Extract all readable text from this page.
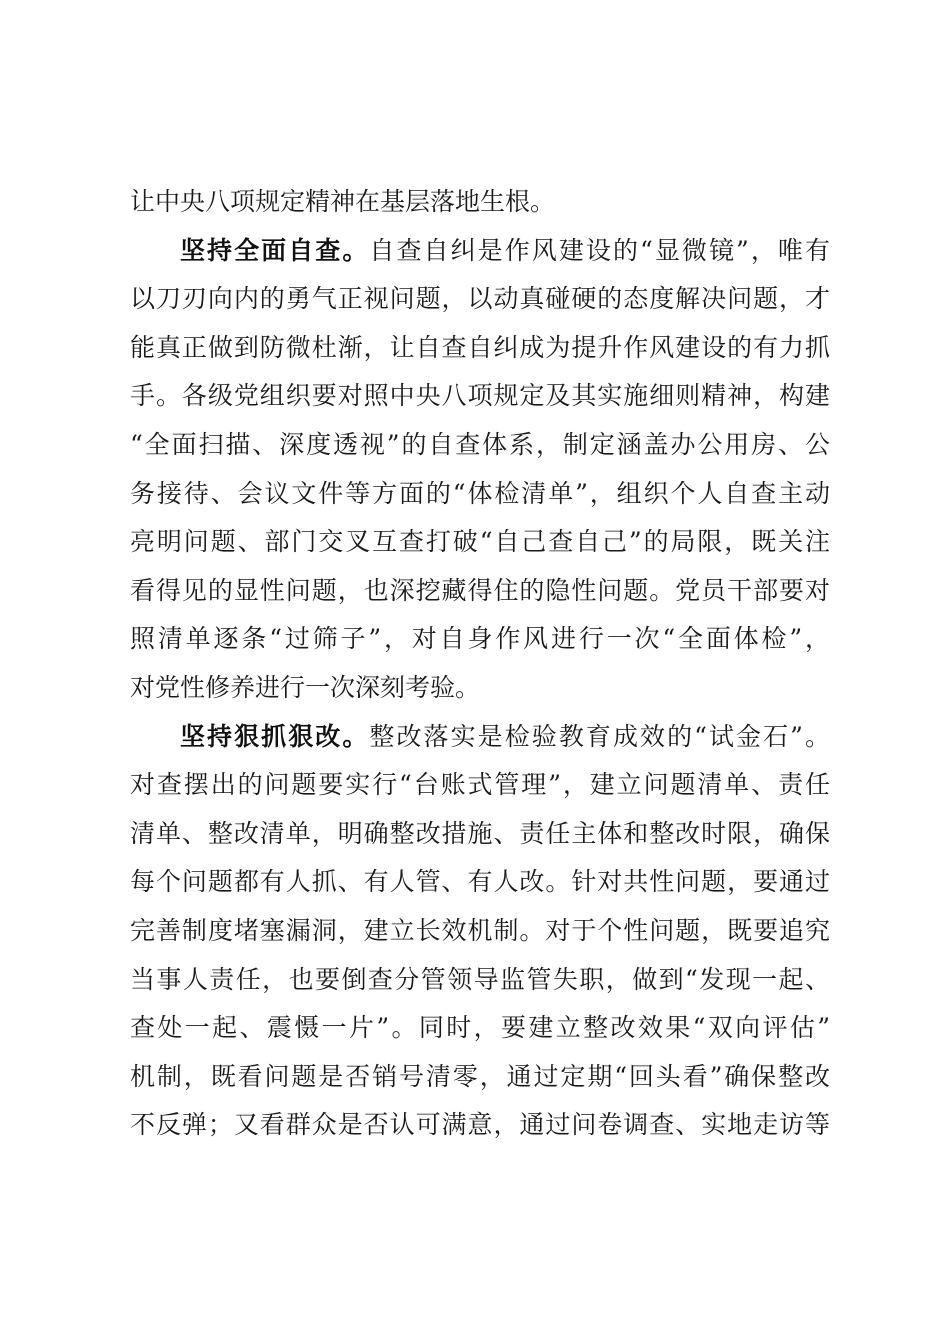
让中央八项规定精神在基层落地生根。
坚持全面自查。自查自纠是作风建设的“显微镜”，唯有
以刀刃向内的勇气正视问题，以动真碰硬的态度解决问题，才
能真正做到防微杜渐，让自查自纠成为提升作风建设的有力抓
手。各级党组织要对照中央八项规定及其实施细则精神，构建
“全面扫描、深度透视”的自查体系，制定涵盖办公用房、公
务接待、会议文件等方面的“体检清单”，组织个人自查主动
亮明问题、部门交叉互查打破“自己查自己”的局限，既关注
看得见的显性问题，也深挖藏得住的隐性问题。党员干部要对
照清单逐条“过筛子”，对自身作风进行一次“全面体检”，
对党性修养进行一次深刻考验。
坚持狠抓狠改。整改落实是检验教育成效的“试金石”。
对查摆出的问题要实行“台账式管理”，建立问题清单、责任
清单、整改清单，明确整改措施、责任主体和整改时限，确保
每个问题都有人抓、有人管、有人改。针对共性问题，要通过
完善制度堵塞漏洞，建立长效机制。对于个性问题，既要追究
当事人责任，也要倒查分管领导监管失职，做到“发现一起、
查处一起、震慑一片”。同时，要建立整改效果“双向评估”
机制，既看问题是否销号清零，通过定期“回头看”确保整改
不反弹；又看群众是否认可满意，通过问卷调查、实地走访等
